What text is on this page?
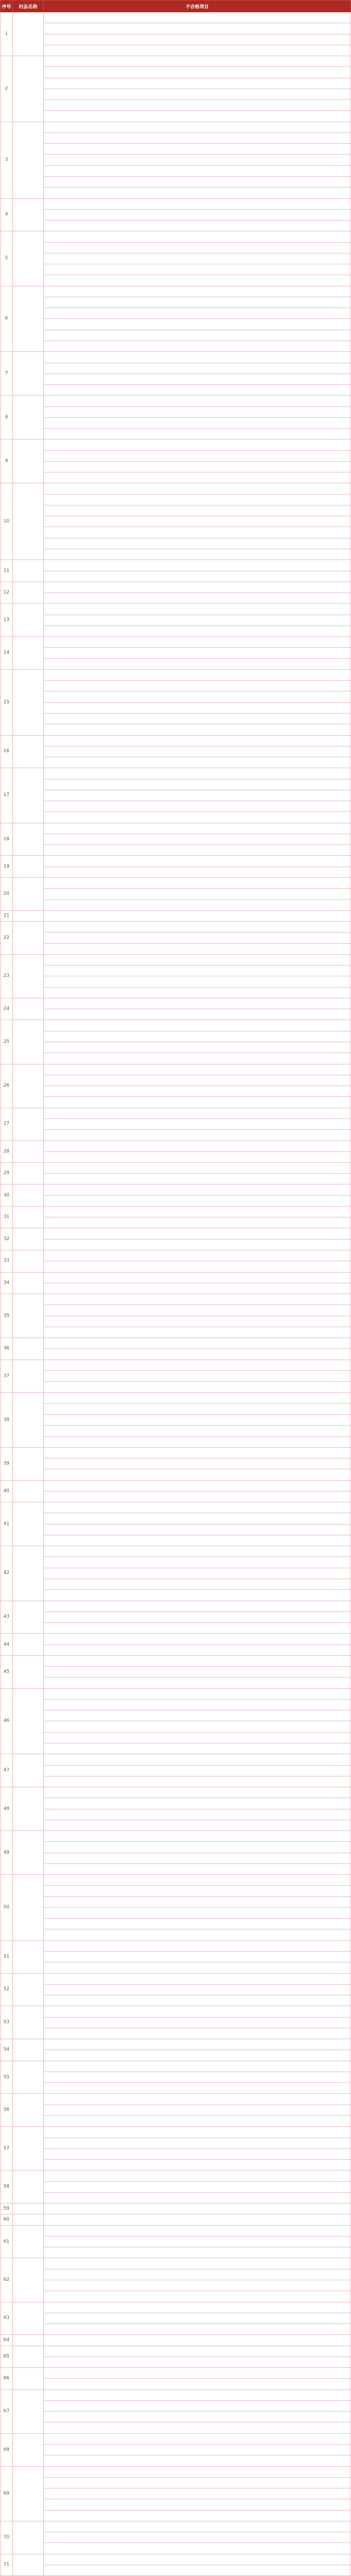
序号	村品名称	不合格项目
1		

2		

3		

4		

5		

6		

7		

8		

9		

10		

11		

12		

13		

14		

15		

16		

17		

18		

19		

20		

21		
22		

23		

24		

25		

26		

27		

28		

29		

30		

31		

32		

33		

34		

35		

36		

37		

38		

39		

40		

41		

42		

43		

44		

45		

46		

47		

48		

49		

50		

51		

52		

53		

54		

55		

56		

57		

58		

59		
60		
61		

62		

63		

64		
65		

66		

67		

68		

69		

70		

71		
